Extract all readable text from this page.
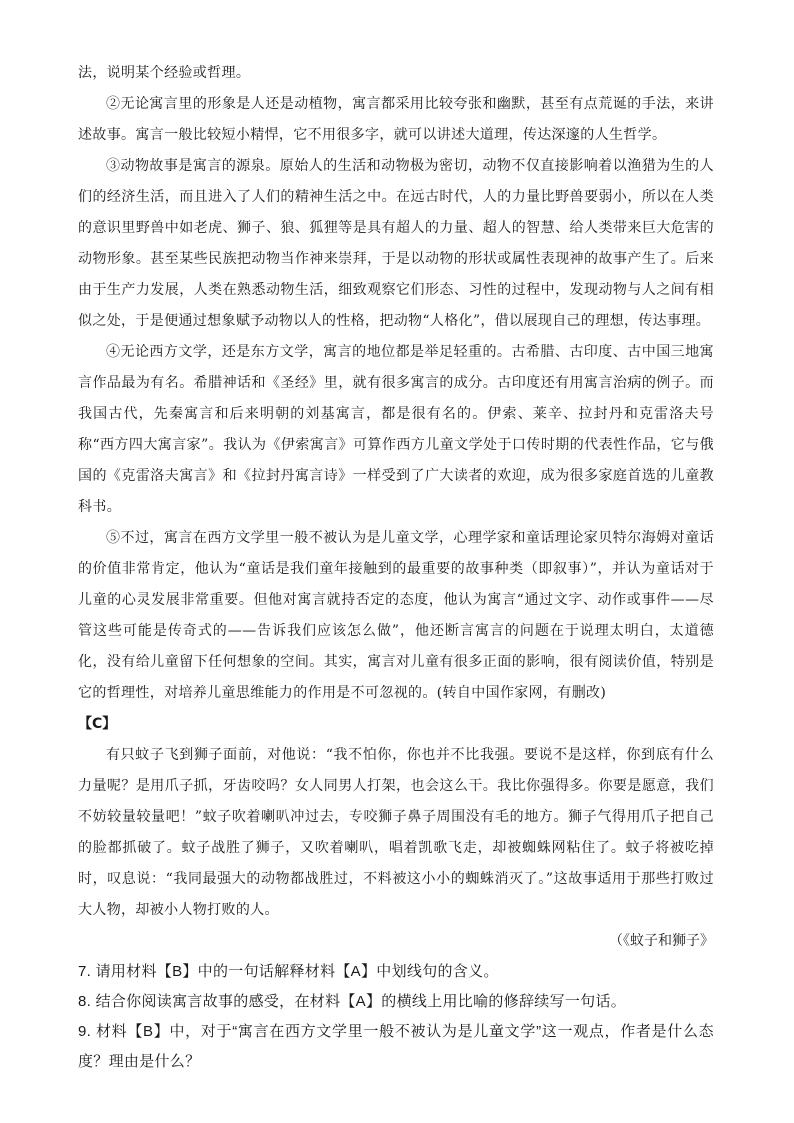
法，说明某个经验或哲理。

②无论寓言里的形象是人还是动植物，寓言都采用比较夸张和幽默，甚至有点荒诞的手法，来讲述故事。寓言一般比较短小精悍，它不用很多字，就可以讲述大道理，传达深邃的人生哲学。

③动物故事是寓言的源泉。原始人的生活和动物极为密切，动物不仅直接影响着以渔猎为生的人们的经济生活，而且进入了人们的精神生活之中。在远古时代，人的力量比野兽要弱小，所以在人类的意识里野兽中如老虎、狮子、狼、狐狸等是具有超人的力量、超人的智慧、给人类带来巨大危害的动物形象。甚至某些民族把动物当作神来崇拜，于是以动物的形状或属性表现神的故事产生了。后来由于生产力发展，人类在熟悉动物生活，细致观察它们形态、习性的过程中，发现动物与人之间有相似之处，于是便通过想象赋予动物以人的性格，把动物“人格化”，借以展现自己的理想，传达事理。

④无论西方文学，还是东方文学，寓言的地位都是举足轻重的。古希腊、古印度、古中国三地寓言作品最为有名。希腊神话和《圣经》里，就有很多寓言的成分。古印度还有用寓言治病的例子。而我国古代，先秦寓言和后来明朝的刘基寓言，都是很有名的。伊索、莱辛、拉封丹和克雷洛夫号称“西方四大寓言家”。我认为《伊索寓言》可算作西方儿童文学处于口传时期的代表性作品，它与俄国的《克雷洛夫寓言》和《拉封丹寓言诗》一样受到了广大读者的欢迎，成为很多家庭首选的儿童教科书。

⑤不过，寓言在西方文学里一般不被认为是儿童文学，心理学家和童话理论家贝特尔海姆对童话的价值非常肯定，他认为“童话是我们童年接触到的最重要的故事种类（即叙事）”，并认为童话对于儿童的心灵发展非常重要。但他对寓言就持否定的态度，他认为寓言“通过文字、动作或事件——尽管这些可能是传奇式的——告诉我们应该怎么做”，他还断言寓言的问题在于说理太明白，太道德化，没有给儿童留下任何想象的空间。其实，寓言对儿童有很多正面的影响，很有阅读价值，特别是它的哲理性，对培养儿童思维能力的作用是不可忽视的。(转自中国作家网，有删改)

【C】

有只蚊子飞到狮子面前，对他说：“我不怕你，你也并不比我强。要说不是这样，你到底有什么力量呢？是用爪子抓，牙齿咬吗？女人同男人打架，也会这么干。我比你强得多。你要是愿意，我们不妨较量较量吧！”蚊子吹着喇叭冲过去，专咬狮子鼻子周围没有毛的地方。狮子气得用爪子把自己的脸都抓破了。蚊子战胜了狮子，又吹着喇叭，唱着凯歌飞走，却被蜘蛛网粘住了。蚊子将被吃掉时，叹息说：“我同最强大的动物都战胜过，不料被这小小的蜘蛛消灭了。”这故事适用于那些打败过大人物，却被小人物打败的人。

（《蚊子和狮子》

7. 请用材料【B】中的一句话解释材料【A】中划线句的含义。

8. 结合你阅读寓言故事的感受，在材料【A】的横线上用比喻的修辞续写一句话。

9. 材料【B】中，对于“寓言在西方文学里一般不被认为是儿童文学”这一观点，作者是什么态度？理由是什么？
